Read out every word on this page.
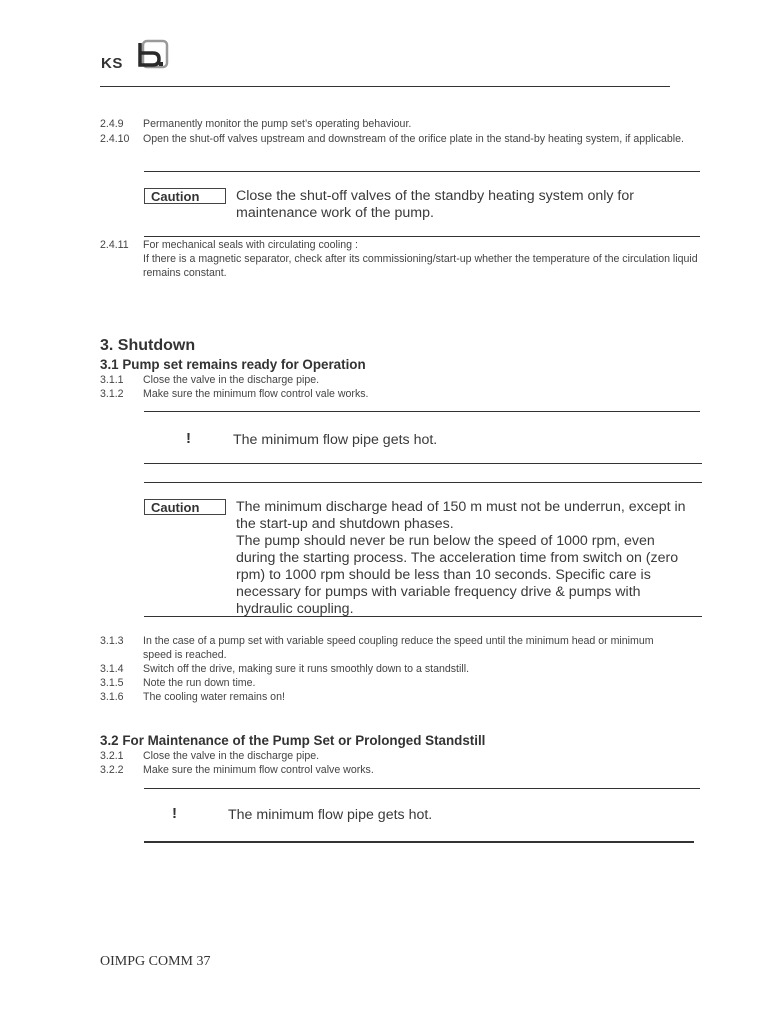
KS
2.4.9	Permanently monitor the pump set’s operating behaviour.
2.4.10	Open the shut-off valves upstream and downstream of the orifice plate in the stand-by heating system, if applicable.
Caution	Close the shut-off valves of the standby heating system only for maintenance work of the pump.
2.4.11	For mechanical seals with circulating cooling :
If there is a magnetic separator, check after its commissioning/start-up whether the temperature of the circulation liquid remains constant.
3. Shutdown
3.1 Pump set remains ready for Operation
3.1.1	Close the valve in the discharge pipe.
3.1.2	Make sure the minimum flow control vale works.
!	The minimum flow pipe gets hot.
Caution	The minimum discharge head of 150 m must not be underrun, except in the start-up and shutdown phases.
The pump should never be run below the speed of 1000 rpm, even during the starting process. The acceleration time from switch on (zero rpm) to 1000 rpm should be less than 10 seconds. Specific care is necessary for pumps with variable frequency drive & pumps with hydraulic coupling.
3.1.3	In the case of a pump set with variable speed coupling reduce the speed until the minimum head or minimum speed is reached.
3.1.4	Switch off the drive, making sure it runs smoothly down to a standstill.
3.1.5	Note the run down time.
3.1.6	The cooling water remains on!
3.2 For Maintenance of the Pump Set or Prolonged Standstill
3.2.1	Close the valve in the discharge pipe.
3.2.2	Make sure the minimum flow control valve works.
!	The minimum flow pipe gets hot.
OIMPG COMM 37
